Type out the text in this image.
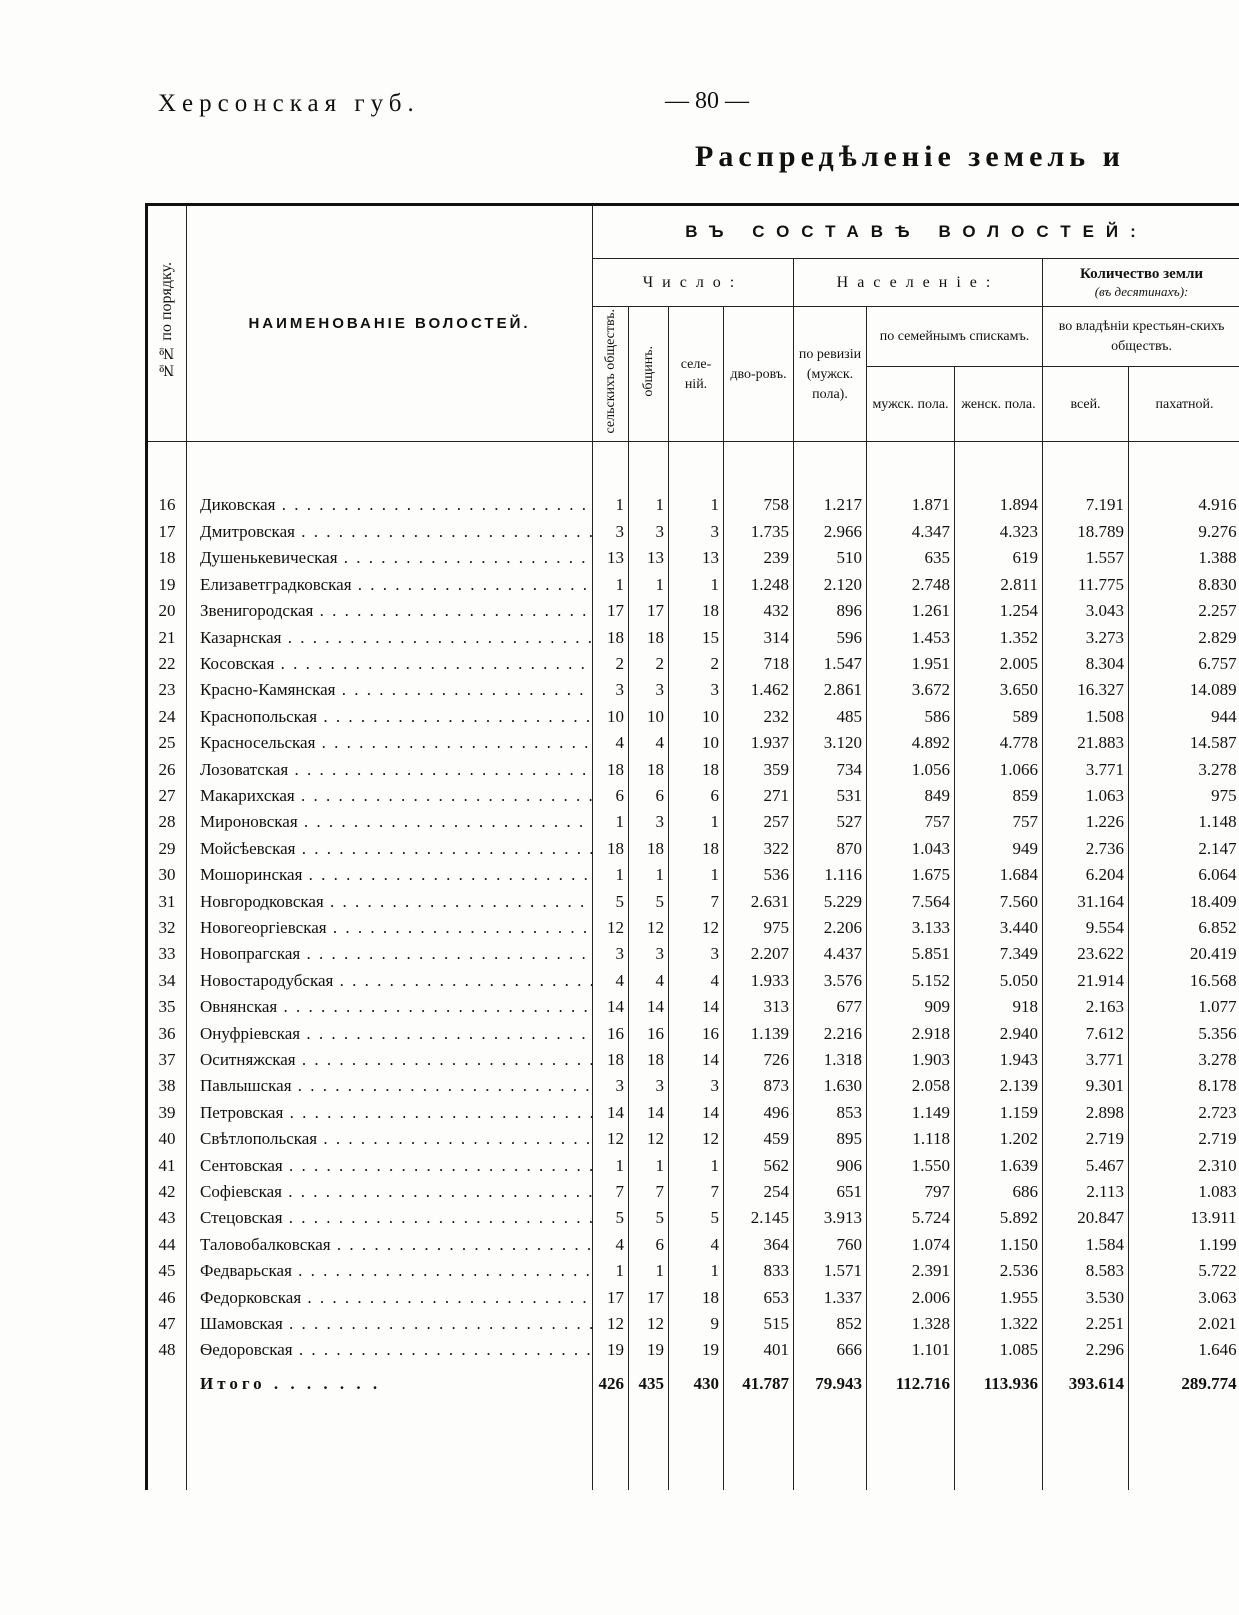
Херсонская губ.	— 80 —
Распредѣленіе земель и
№№ по порядку.	НАИМЕНОВАНІЕ ВОЛОСТЕЙ.	ВЪ СОСТАВѢ ВОЛОСТЕЙ:								
		Число:				Населеніе:			Количество земли
(въ десятинахъ):	

		сельскихъ обществъ.	общинъ.	селе-ній.	дво-ровъ.	по ревизіи (мужск. пола).	по семейнымъ спискамъ.		во владѣніи крестьян-скихъ обществъ.	
							мужск. пола.	женск. пола.	всей.	пахатной.

16	Диковская . . .	1	1	1	758	1.217	1.871	1.894	7.191	4.916
17	Дмитровская . . .	3	3	3	1.735	2.966	4.347	4.323	18.789	9.276
18	Душенькевическая . . .	13	13	13	239	510	635	619	1.557	1.388
19	Елизаветградковская . . .	1	1	1	1.248	2.120	2.748	2.811	11.775	8.830
20	Звенигородская . . .	17	17	18	432	896	1.261	1.254	3.043	2.257
21	Казарнская . . .	18	18	15	314	596	1.453	1.352	3.273	2.829
22	Косовская . . .	2	2	2	718	1.547	1.951	2.005	8.304	6.757
23	Красно-Камянская . . .	3	3	3	1.462	2.861	3.672	3.650	16.327	14.089
24	Краснопольская . . .	10	10	10	232	485	586	589	1.508	944
25	Красносельская . . .	4	4	10	1.937	3.120	4.892	4.778	21.883	14.587
26	Лозоватская . . .	18	18	18	359	734	1.056	1.066	3.771	3.278
27	Макарихская . . .	6	6	6	271	531	849	859	1.063	975
28	Мироновская . . .	1	3	1	257	527	757	757	1.226	1.148
29	Мойсѣевская . . .	18	18	18	322	870	1.043	949	2.736	2.147
30	Мошоринская . . .	1	1	1	536	1.116	1.675	1.684	6.204	6.064
31	Новгородковская . . .	5	5	7	2.631	5.229	7.564	7.560	31.164	18.409
32	Новогеоргіевская . . .	12	12	12	975	2.206	3.133	3.440	9.554	6.852
33	Новопрагская . . .	3	3	3	2.207	4.437	5.851	7.349	23.622	20.419
34	Новостародубская . . .	4	4	4	1.933	3.576	5.152	5.050	21.914	16.568
35	Овнянская . . .	14	14	14	313	677	909	918	2.163	1.077
36	Онуфріевская . . .	16	16	16	1.139	2.216	2.918	2.940	7.612	5.356
37	Оситняжская . . .	18	18	14	726	1.318	1.903	1.943	3.771	3.278
38	Павлышская . . .	3	3	3	873	1.630	2.058	2.139	9.301	8.178
39	Петровская . . .	14	14	14	496	853	1.149	1.159	2.898	2.723
40	Свѣтлопольская . . .	12	12	12	459	895	1.118	1.202	2.719	2.719
41	Сентовская . . .	1	1	1	562	906	1.550	1.639	5.467	2.310
42	Софіевская . . .	7	7	7	254	651	797	686	2.113	1.083
43	Стецовская . . .	5	5	5	2.145	3.913	5.724	5.892	20.847	13.911
44	Таловобалковская . . .	4	6	4	364	760	1.074	1.150	1.584	1.199
45	Федварьская . . .	1	1	1	833	1.571	2.391	2.536	8.583	5.722
46	Федорковская . . .	17	17	18	653	1.337	2.006	1.955	3.530	3.063
47	Шамовская . . .	12	12	9	515	852	1.328	1.322	2.251	2.021
48	Ѳедоровская . . .	19	19	19	401	666	1.101	1.085	2.296	1.646
	Итого . . . . . . .	426	435	430	41.787	79.943	112.716	113.936	393.614	289.774
